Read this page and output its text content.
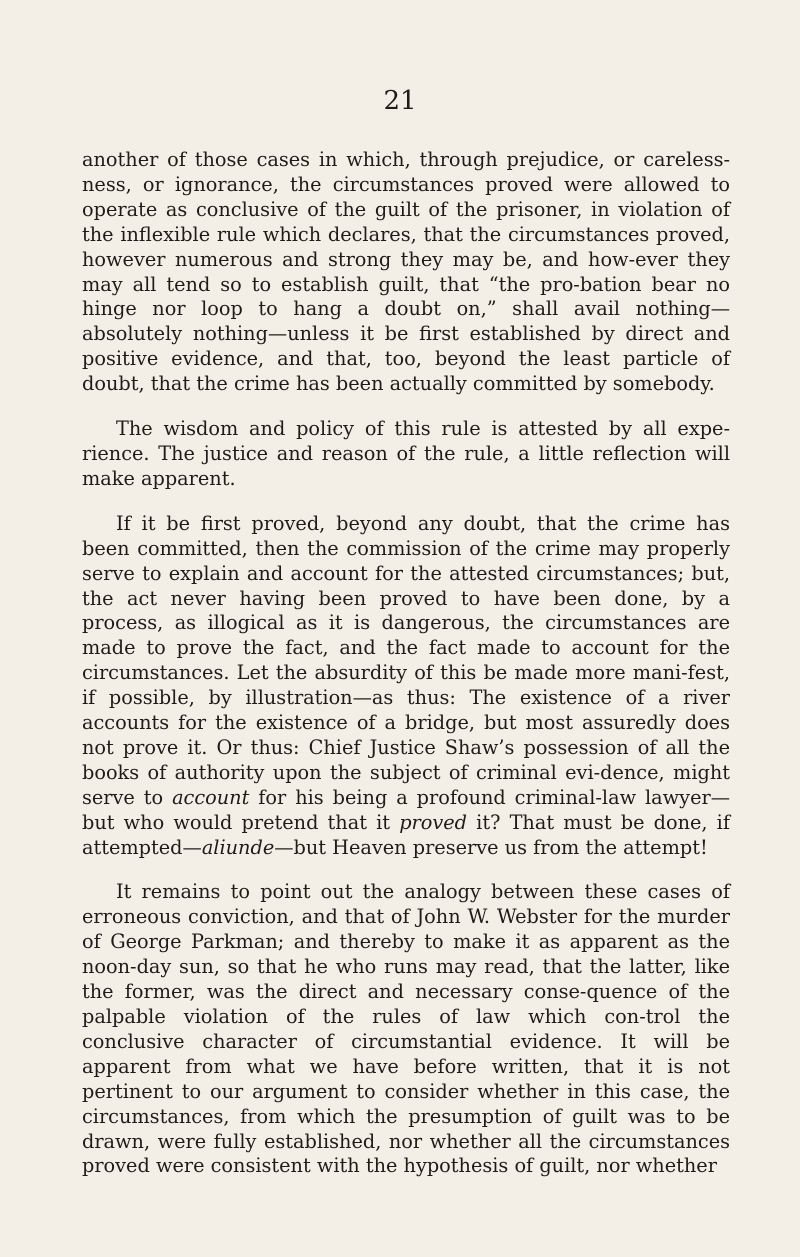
21

another of those cases in which, through prejudice, or careless-ness, or ignorance, the circumstances proved were allowed to operate as conclusive of the guilt of the prisoner, in violation of the inflexible rule which declares, that the circumstances proved, however numerous and strong they may be, and how-ever they may all tend so to establish guilt, that “the pro-bation bear no hinge nor loop to hang a doubt on,” shall avail nothing—absolutely nothing—unless it be first established by direct and positive evidence, and that, too, beyond the least particle of doubt, that the crime has been actually committed by somebody.

The wisdom and policy of this rule is attested by all expe-rience. The justice and reason of the rule, a little reflection will make apparent.

If it be first proved, beyond any doubt, that the crime has been committed, then the commission of the crime may properly serve to explain and account for the attested circumstances; but, the act never having been proved to have been done, by a process, as illogical as it is dangerous, the circumstances are made to prove the fact, and the fact made to account for the circumstances. Let the absurdity of this be made more mani-fest, if possible, by illustration—as thus: The existence of a river accounts for the existence of a bridge, but most assuredly does not prove it. Or thus: Chief Justice Shaw’s possession of all the books of authority upon the subject of criminal evi-dence, might serve to account for his being a profound criminal-law lawyer—but who would pretend that it proved it? That must be done, if attempted—aliunde—but Heaven preserve us from the attempt!

It remains to point out the analogy between these cases of erroneous conviction, and that of John W. Webster for the murder of George Parkman; and thereby to make it as apparent as the noon-day sun, so that he who runs may read, that the latter, like the former, was the direct and necessary conse-quence of the palpable violation of the rules of law which con-trol the conclusive character of circumstantial evidence. It will be apparent from what we have before written, that it is not pertinent to our argument to consider whether in this case, the circumstances, from which the presumption of guilt was to be drawn, were fully established, nor whether all the circumstances proved were consistent with the hypothesis of guilt, nor whether
